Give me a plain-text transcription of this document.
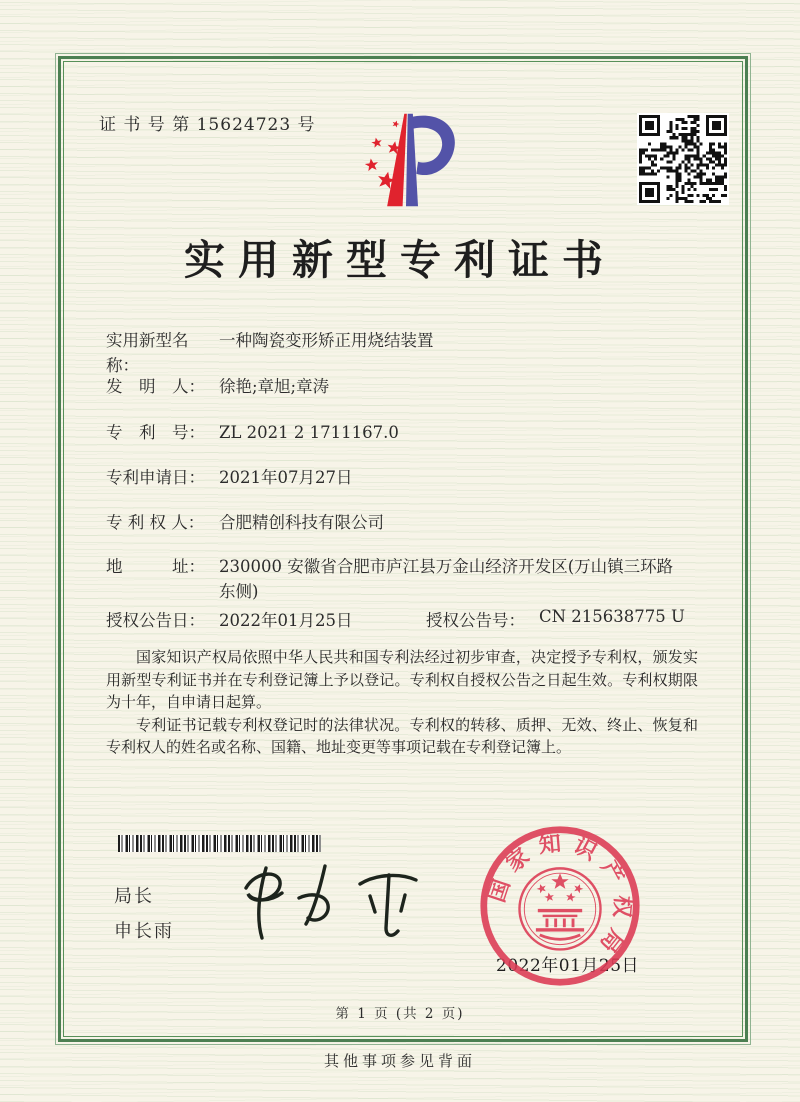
证 书 号 第 15624723 号
实用新型专利证书
实用新型名称：一种陶瓷变形矫正用烧结装置
发　明　人： 徐艳;章旭;章涛
专　利　号： ZL 2021 2 1711167.0
专利申请日： 2021年07月27日
专 利 权 人： 合肥精创科技有限公司
地　　　址： 230000 安徽省合肥市庐江县万金山经济开发区(万山镇三环路东侧)
授权公告日： 2022年01月25日	授权公告号： CN 215638775 U

国家知识产权局依照中华人民共和国专利法经过初步审查，决定授予专利权，颁发实用新型专利证书并在专利登记簿上予以登记。专利权自授权公告之日起生效。专利权期限为十年，自申请日起算。

专利证书记载专利权登记时的法律状况。专利权的转移、质押、无效、终止、恢复和专利权人的姓名或名称、国籍、地址变更等事项记载在专利登记簿上。

局长
申长雨
2022年01月25日
国家知识产权局
第 1 页 (共 2 页)
其他事项参见背面
